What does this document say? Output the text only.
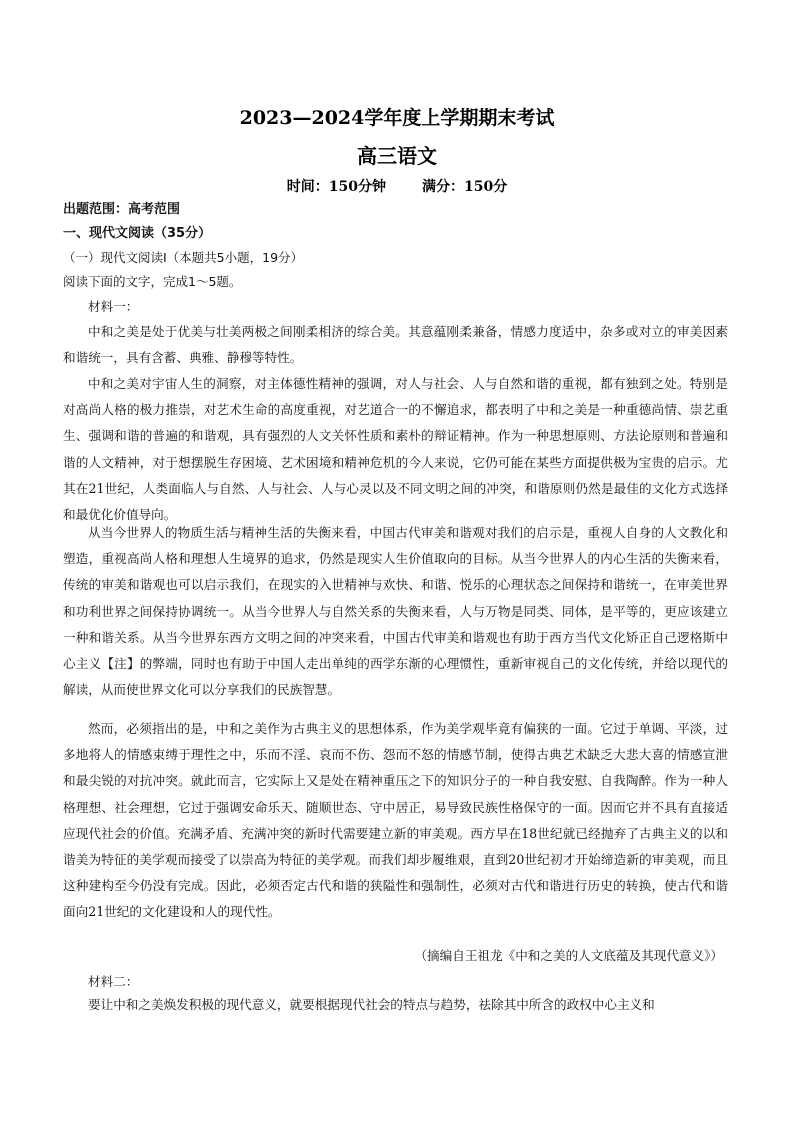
2023—2024学年度上学期期末考试
高三语文
时间：150分钟	满分：150分
出题范围：高考范围
一、现代文阅读（35分）
（一）现代文阅读Ⅰ（本题共5小题，19分）
阅读下面的文字，完成1～5题。
材料一：

中和之美是处于优美与壮美两极之间刚柔相济的综合美。其意蕴刚柔兼备，情感力度适中，杂多或对立的审美因素和谐统一，具有含蓄、典雅、静穆等特性。

中和之美对宇宙人生的洞察，对主体德性精神的强调，对人与社会、人与自然和谐的重视，都有独到之处。特别是对高尚人格的极力推崇，对艺术生命的高度重视，对艺道合一的不懈追求，都表明了中和之美是一种重德尚情、崇艺重生、强调和谐的普遍的和谐观，具有强烈的人文关怀性质和素朴的辩证精神。作为一种思想原则、方法论原则和普遍和谐的人文精神，对于想摆脱生存困境、艺术困境和精神危机的今人来说，它仍可能在某些方面提供极为宝贵的启示。尤其在21世纪，人类面临人与自然、人与社会、人与心灵以及不同文明之间的冲突，和谐原则仍然是最佳的文化方式选择和最优化价值导向。

从当今世界人的物质生活与精神生活的失衡来看，中国古代审美和谐观对我们的启示是，重视人自身的人文教化和塑造，重视高尚人格和理想人生境界的追求，仍然是现实人生价值取向的目标。从当今世界人的内心生活的失衡来看，传统的审美和谐观也可以启示我们，在现实的入世精神与欢快、和谐、悦乐的心理状态之间保持和谐统一，在审美世界和功利世界之间保持协调统一。从当今世界人与自然关系的失衡来看，人与万物是同类、同体，是平等的，更应该建立一种和谐关系。从当今世界东西方文明之间的冲突来看，中国古代审美和谐观也有助于西方当代文化矫正自己逻格斯中心主义【注】的弊端，同时也有助于中国人走出单纯的西学东渐的心理惯性，重新审视自己的文化传统，并给以现代的解读，从而使世界文化可以分享我们的民族智慧。

然而，必须指出的是，中和之美作为古典主义的思想体系，作为美学观毕竟有偏狭的一面。它过于单调、平淡，过多地将人的情感束缚于理性之中，乐而不淫、哀而不伤、怨而不怒的情感节制，使得古典艺术缺乏大悲大喜的情感宣泄和最尖锐的对抗冲突。就此而言，它实际上又是处在精神重压之下的知识分子的一种自我安慰、自我陶醉。作为一种人格理想、社会理想，它过于强调安命乐天、随顺世态、守中居正，易导致民族性格保守的一面。因而它并不具有直接适应现代社会的价值。充满矛盾、充满冲突的新时代需要建立新的审美观。西方早在18世纪就已经抛弃了古典主义的以和谐美为特征的美学观而接受了以崇高为特征的美学观。而我们却步履维艰，直到20世纪初才开始缔造新的审美观，而且这种建构至今仍没有完成。因此，必须否定古代和谐的狭隘性和强制性，必须对古代和谐进行历史的转换，使古代和谐面向21世纪的文化建设和人的现代性。

（摘编自王祖龙《中和之美的人文底蕴及其现代意义》）
材料二：

要让中和之美焕发积极的现代意义，就要根据现代社会的特点与趋势，祛除其中所含的政权中心主义和
